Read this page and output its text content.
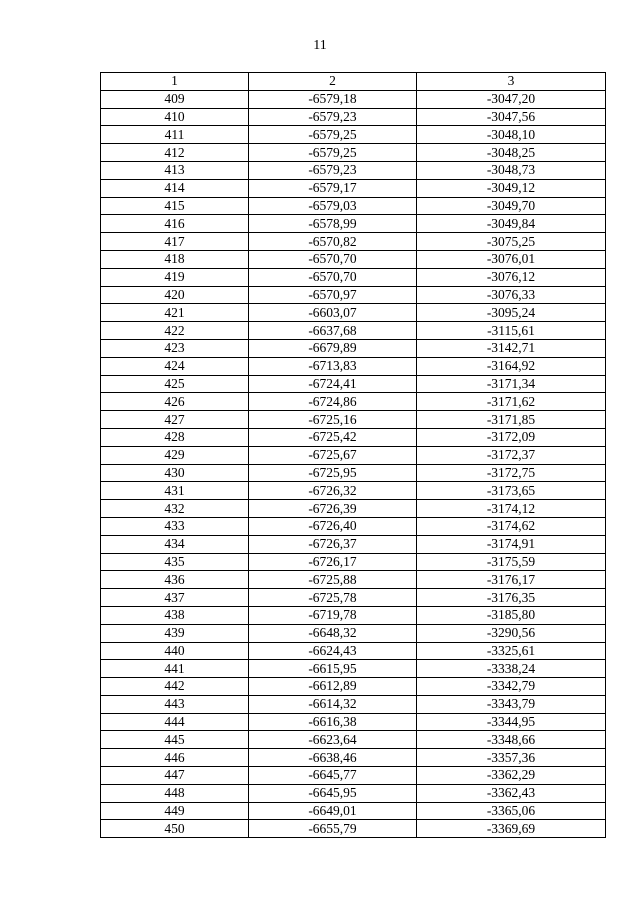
11
1	2	3
409	-6579,18	-3047,20
410	-6579,23	-3047,56
411	-6579,25	-3048,10
412	-6579,25	-3048,25
413	-6579,23	-3048,73
414	-6579,17	-3049,12
415	-6579,03	-3049,70
416	-6578,99	-3049,84
417	-6570,82	-3075,25
418	-6570,70	-3076,01
419	-6570,70	-3076,12
420	-6570,97	-3076,33
421	-6603,07	-3095,24
422	-6637,68	-3115,61
423	-6679,89	-3142,71
424	-6713,83	-3164,92
425	-6724,41	-3171,34
426	-6724,86	-3171,62
427	-6725,16	-3171,85
428	-6725,42	-3172,09
429	-6725,67	-3172,37
430	-6725,95	-3172,75
431	-6726,32	-3173,65
432	-6726,39	-3174,12
433	-6726,40	-3174,62
434	-6726,37	-3174,91
435	-6726,17	-3175,59
436	-6725,88	-3176,17
437	-6725,78	-3176,35
438	-6719,78	-3185,80
439	-6648,32	-3290,56
440	-6624,43	-3325,61
441	-6615,95	-3338,24
442	-6612,89	-3342,79
443	-6614,32	-3343,79
444	-6616,38	-3344,95
445	-6623,64	-3348,66
446	-6638,46	-3357,36
447	-6645,77	-3362,29
448	-6645,95	-3362,43
449	-6649,01	-3365,06
450	-6655,79	-3369,69
